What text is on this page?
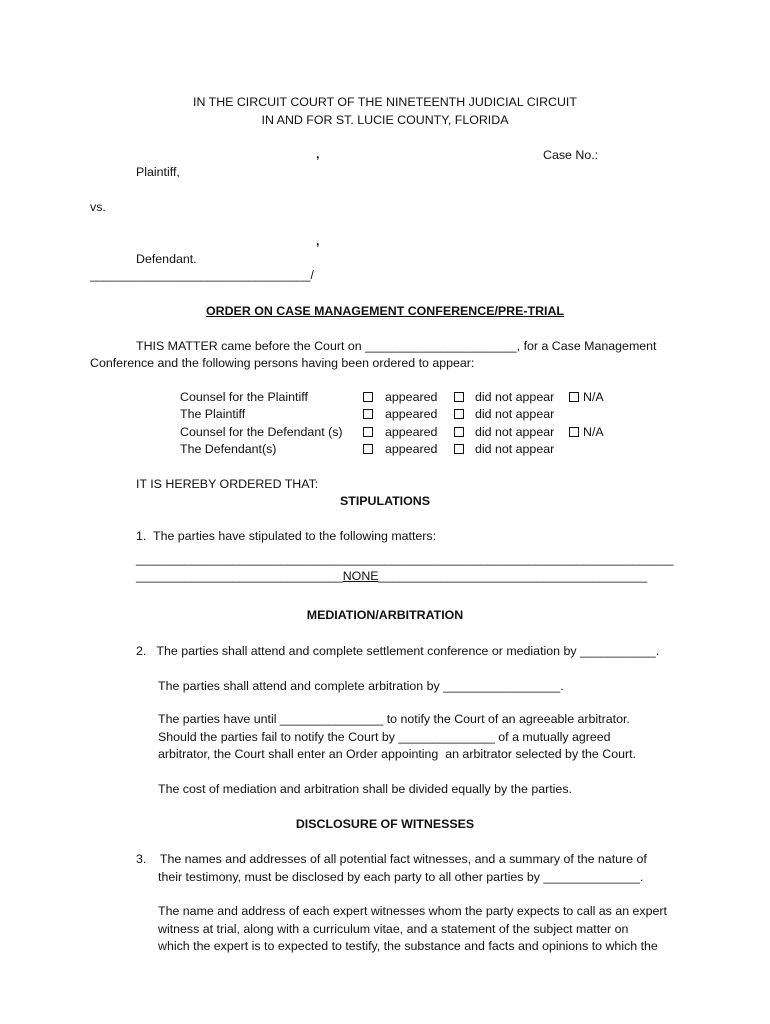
IN THE CIRCUIT COURT OF THE NINETEENTH JUDICIAL CIRCUIT
IN AND FOR ST. LUCIE COUNTY, FLORIDA
,	Case No.:
Plaintiff,
vs.
,
Defendant.
________________________________/
ORDER ON CASE MANAGEMENT CONFERENCE/PRE-TRIAL
THIS MATTER came before the Court on ______________________, for a Case Management
Conference and the following persons having been ordered to appear:
Counsel for the Plaintiff	appeared	did not appear N/A
The Plaintiff	appeared	did not appear
Counsel for the Defendant (s)	appeared	did not appear N/A
The Defendant(s)	appeared	did not appear
IT IS HEREBY ORDERED THAT:
STIPULATIONS
1.  The parties have stipulated to the following matters:
______________________________________________________________________________
______________________________NONE_______________________________________
MEDIATION/ARBITRATION
2.   The parties shall attend and complete settlement conference or mediation by ___________.
The parties shall attend and complete arbitration by _________________.
The parties have until _______________ to notify the Court of an agreeable arbitrator.
Should the parties fail to notify the Court by ______________ of a mutually agreed
arbitrator, the Court shall enter an Order appointing  an arbitrator selected by the Court.
The cost of mediation and arbitration shall be divided equally by the parties.
DISCLOSURE OF WITNESSES
3.    The names and addresses of all potential fact witnesses, and a summary of the nature of
their testimony, must be disclosed by each party to all other parties by ______________.
The name and address of each expert witnesses whom the party expects to call as an expert
witness at trial, along with a curriculum vitae, and a statement of the subject matter on
which the expert is to expected to testify, the substance and facts and opinions to which the
